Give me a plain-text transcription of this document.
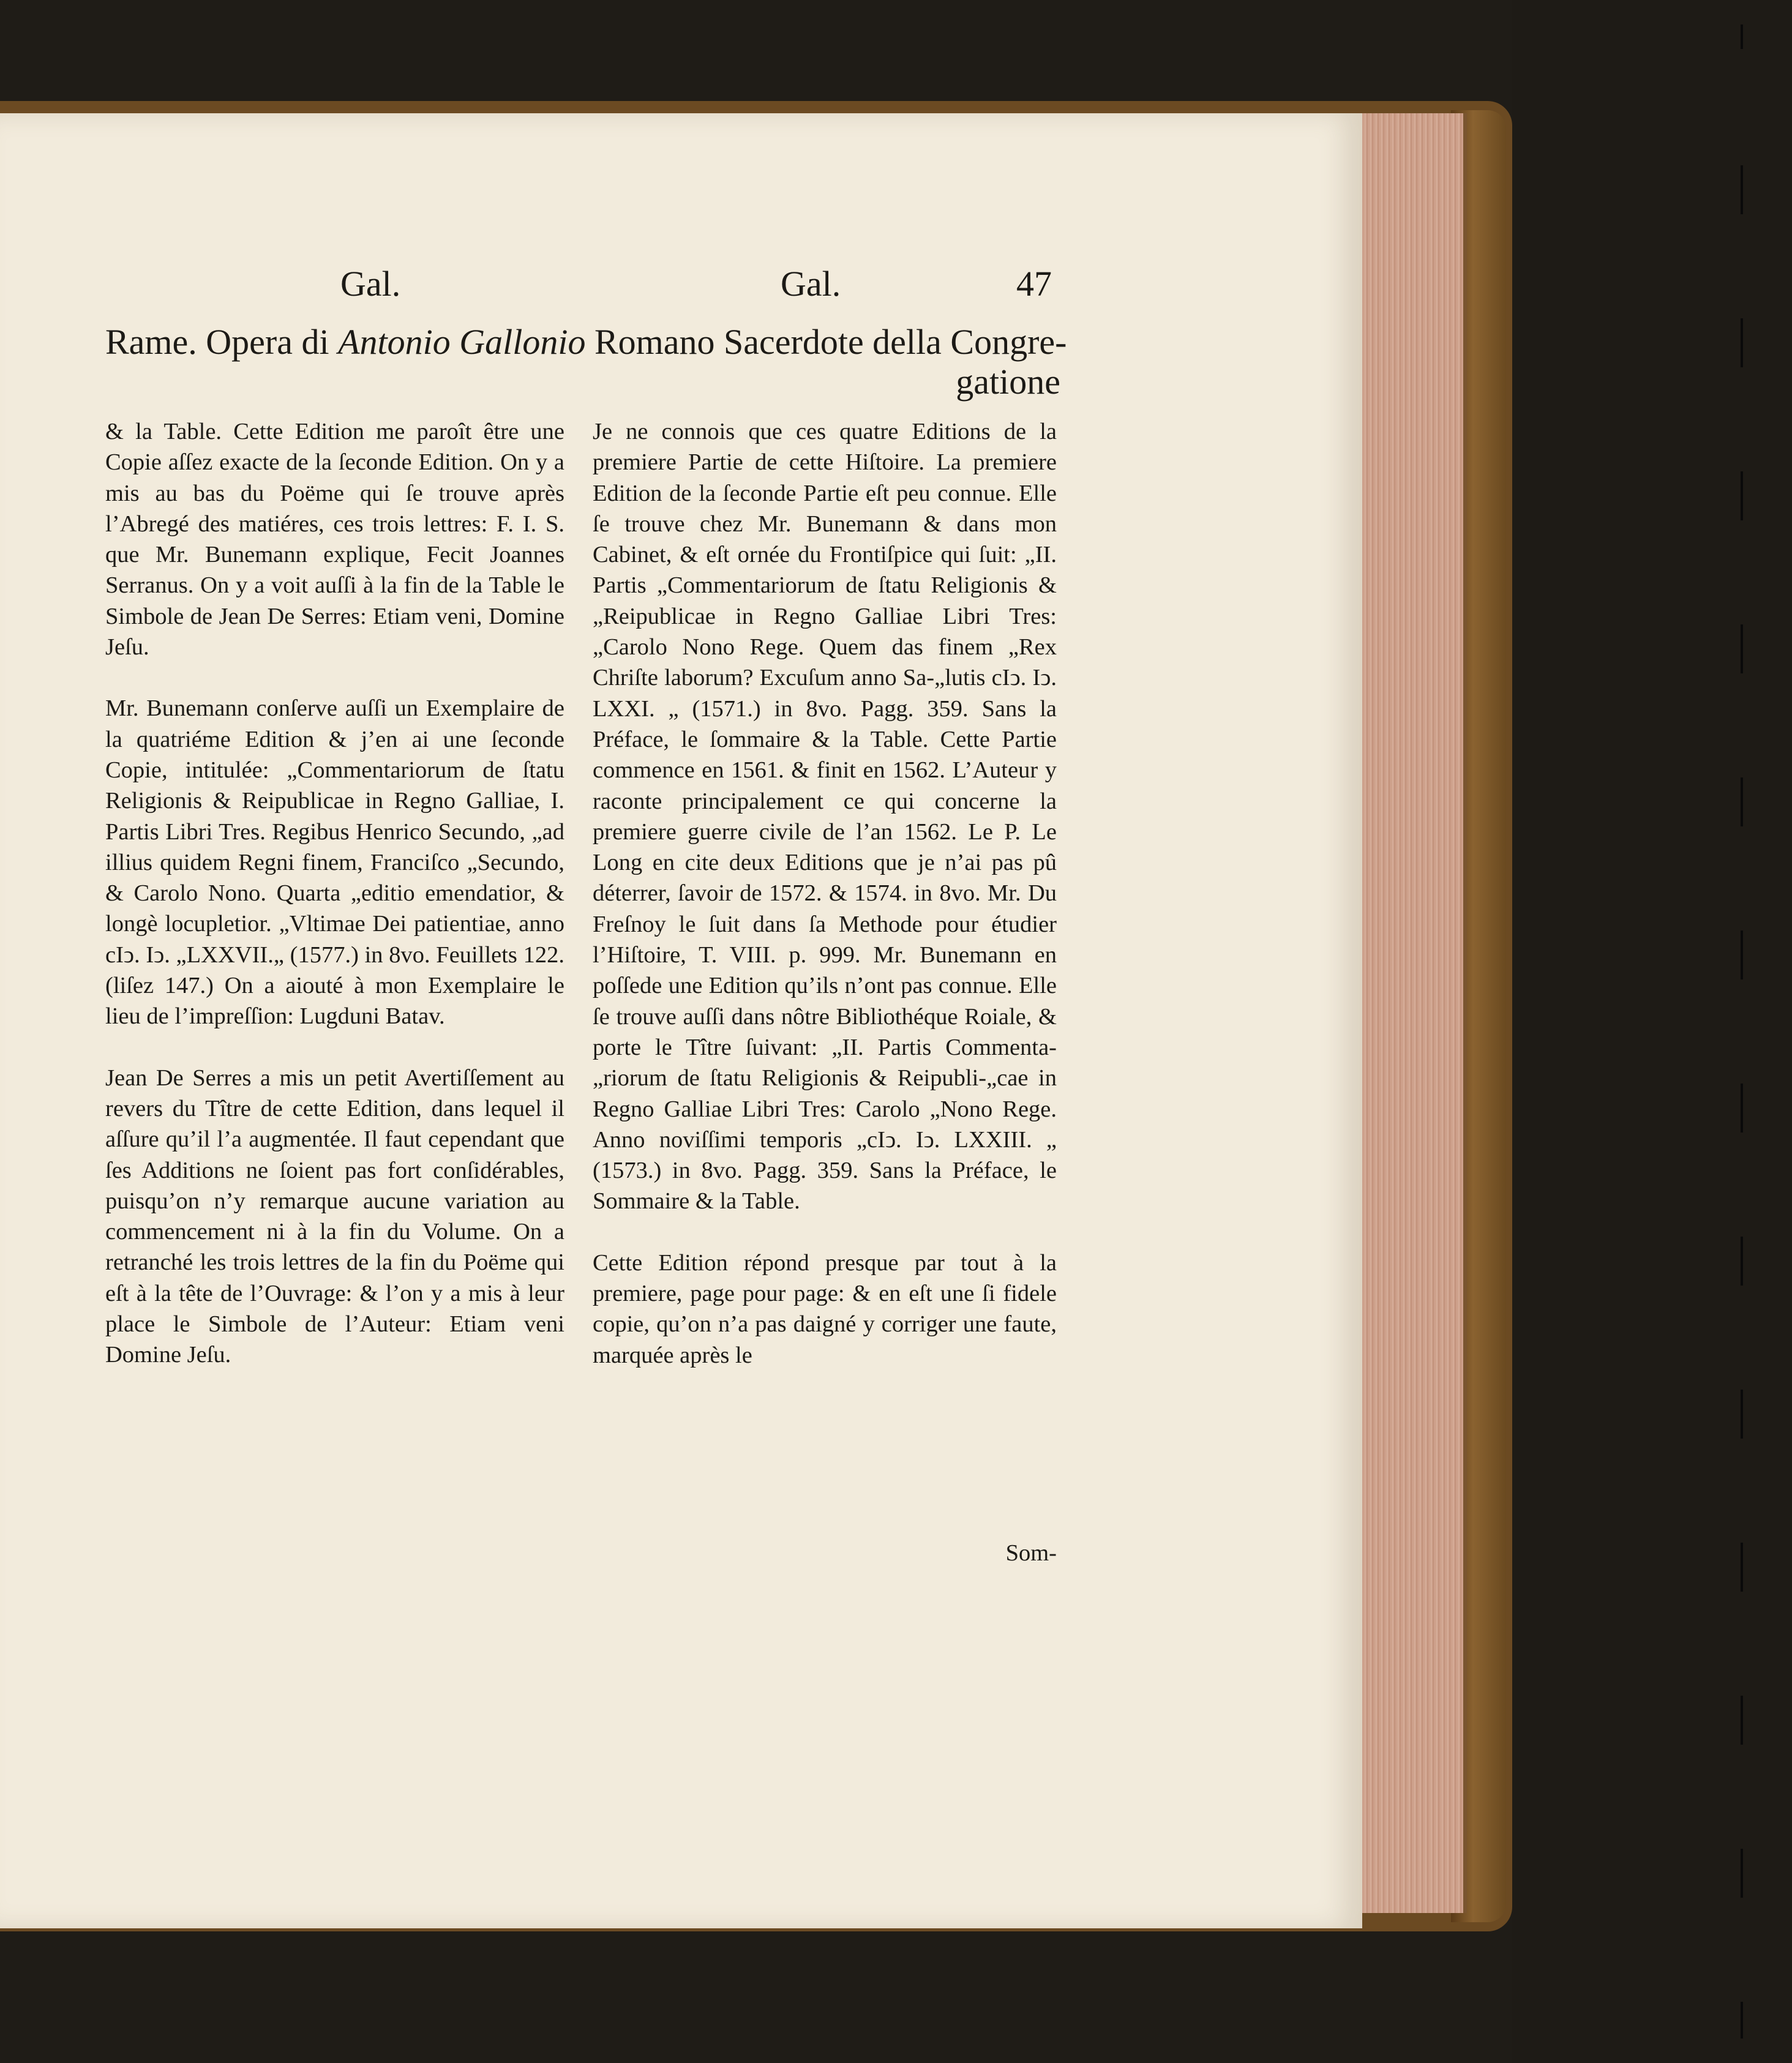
Gal.	Gal.	47
Rame. Opera di Antonio Gallonio Romano Sacerdote della Congre-
gatione

& la Table. Cette Edition me paroît être une Copie aſſez exacte de la ſeconde Edition. On y a mis au bas du Poëme qui ſe trouve après l’Abregé des matiéres, ces trois lettres: F. I. S. que Mr. Bunemann explique, Fecit Joannes Serranus. On y a voit auſſi à la fin de la Table le Simbole de Jean De Serres: Etiam veni, Domine Jeſu.

Mr. Bunemann conſerve auſſi un Exemplaire de la quatriéme Edition & j’en ai une ſeconde Copie, intitulée: „Commentariorum de ſtatu Religionis & Reipublicae in Regno Galliae, I. Partis Libri Tres. Regibus Henrico Secundo, „ad illius quidem Regni finem, Franciſco „Secundo, & Carolo Nono. Quarta „editio emendatior, & longè locupletior. „Vltimae Dei patientiae, anno cIↄ. Iↄ. „LXXVII.„ (1577.) in 8vo. Feuillets 122. (liſez 147.) On a aiouté à mon Exemplaire le lieu de l’impreſſion: Lugduni Batav.

Jean De Serres a mis un petit Avertiſſement au revers du Tître de cette Edition, dans lequel il aſſure qu’il l’a augmentée. Il faut cependant que ſes Additions ne ſoient pas fort conſidérables, puisqu’on n’y remarque aucune variation au commencement ni à la fin du Volume. On a retranché les trois lettres de la fin du Poëme qui eſt à la tête de l’Ouvrage: & l’on y a mis à leur place le Simbole de l’Auteur: Etiam veni Domine Jeſu.

Je ne connois que ces quatre Editions de la premiere Partie de cette Hiſtoire. La premiere Edition de la ſeconde Partie eſt peu connue. Elle ſe trouve chez Mr. Bunemann & dans mon Cabinet, & eſt ornée du Frontiſpice qui ſuit: „II. Partis „Commentariorum de ſtatu Religionis & „Reipublicae in Regno Galliae Libri Tres: „Carolo Nono Rege. Quem das finem „Rex Chriſte laborum? Excuſum anno Sa-„lutis cIↄ. Iↄ. LXXI. „ (1571.) in 8vo. Pagg. 359. Sans la Préface, le ſommaire & la Table. Cette Partie commence en 1561. & finit en 1562. L’Auteur y raconte principalement ce qui concerne la premiere guerre civile de l’an 1562. Le P. Le Long en cite deux Editions que je n’ai pas pû déterrer, ſavoir de 1572. & 1574. in 8vo. Mr. Du Freſnoy le ſuit dans ſa Methode pour étudier l’Hiſtoire, T. VIII. p. 999. Mr. Bunemann en poſſede une Edition qu’ils n’ont pas connue. Elle ſe trouve auſſi dans nôtre Bibliothéque Roiale, & porte le Tître ſuivant: „II. Partis Commenta-„riorum de ſtatu Religionis & Reipubli-„cae in Regno Galliae Libri Tres: Carolo „Nono Rege. Anno noviſſimi temporis „cIↄ. Iↄ. LXXIII. „ (1573.) in 8vo. Pagg. 359. Sans la Préface, le Sommaire & la Table.

Cette Edition répond presque par tout à la premiere, page pour page: & en eſt une ſi fidele copie, qu’on n’a pas daigné y corriger une faute, marquée après le

Som-
